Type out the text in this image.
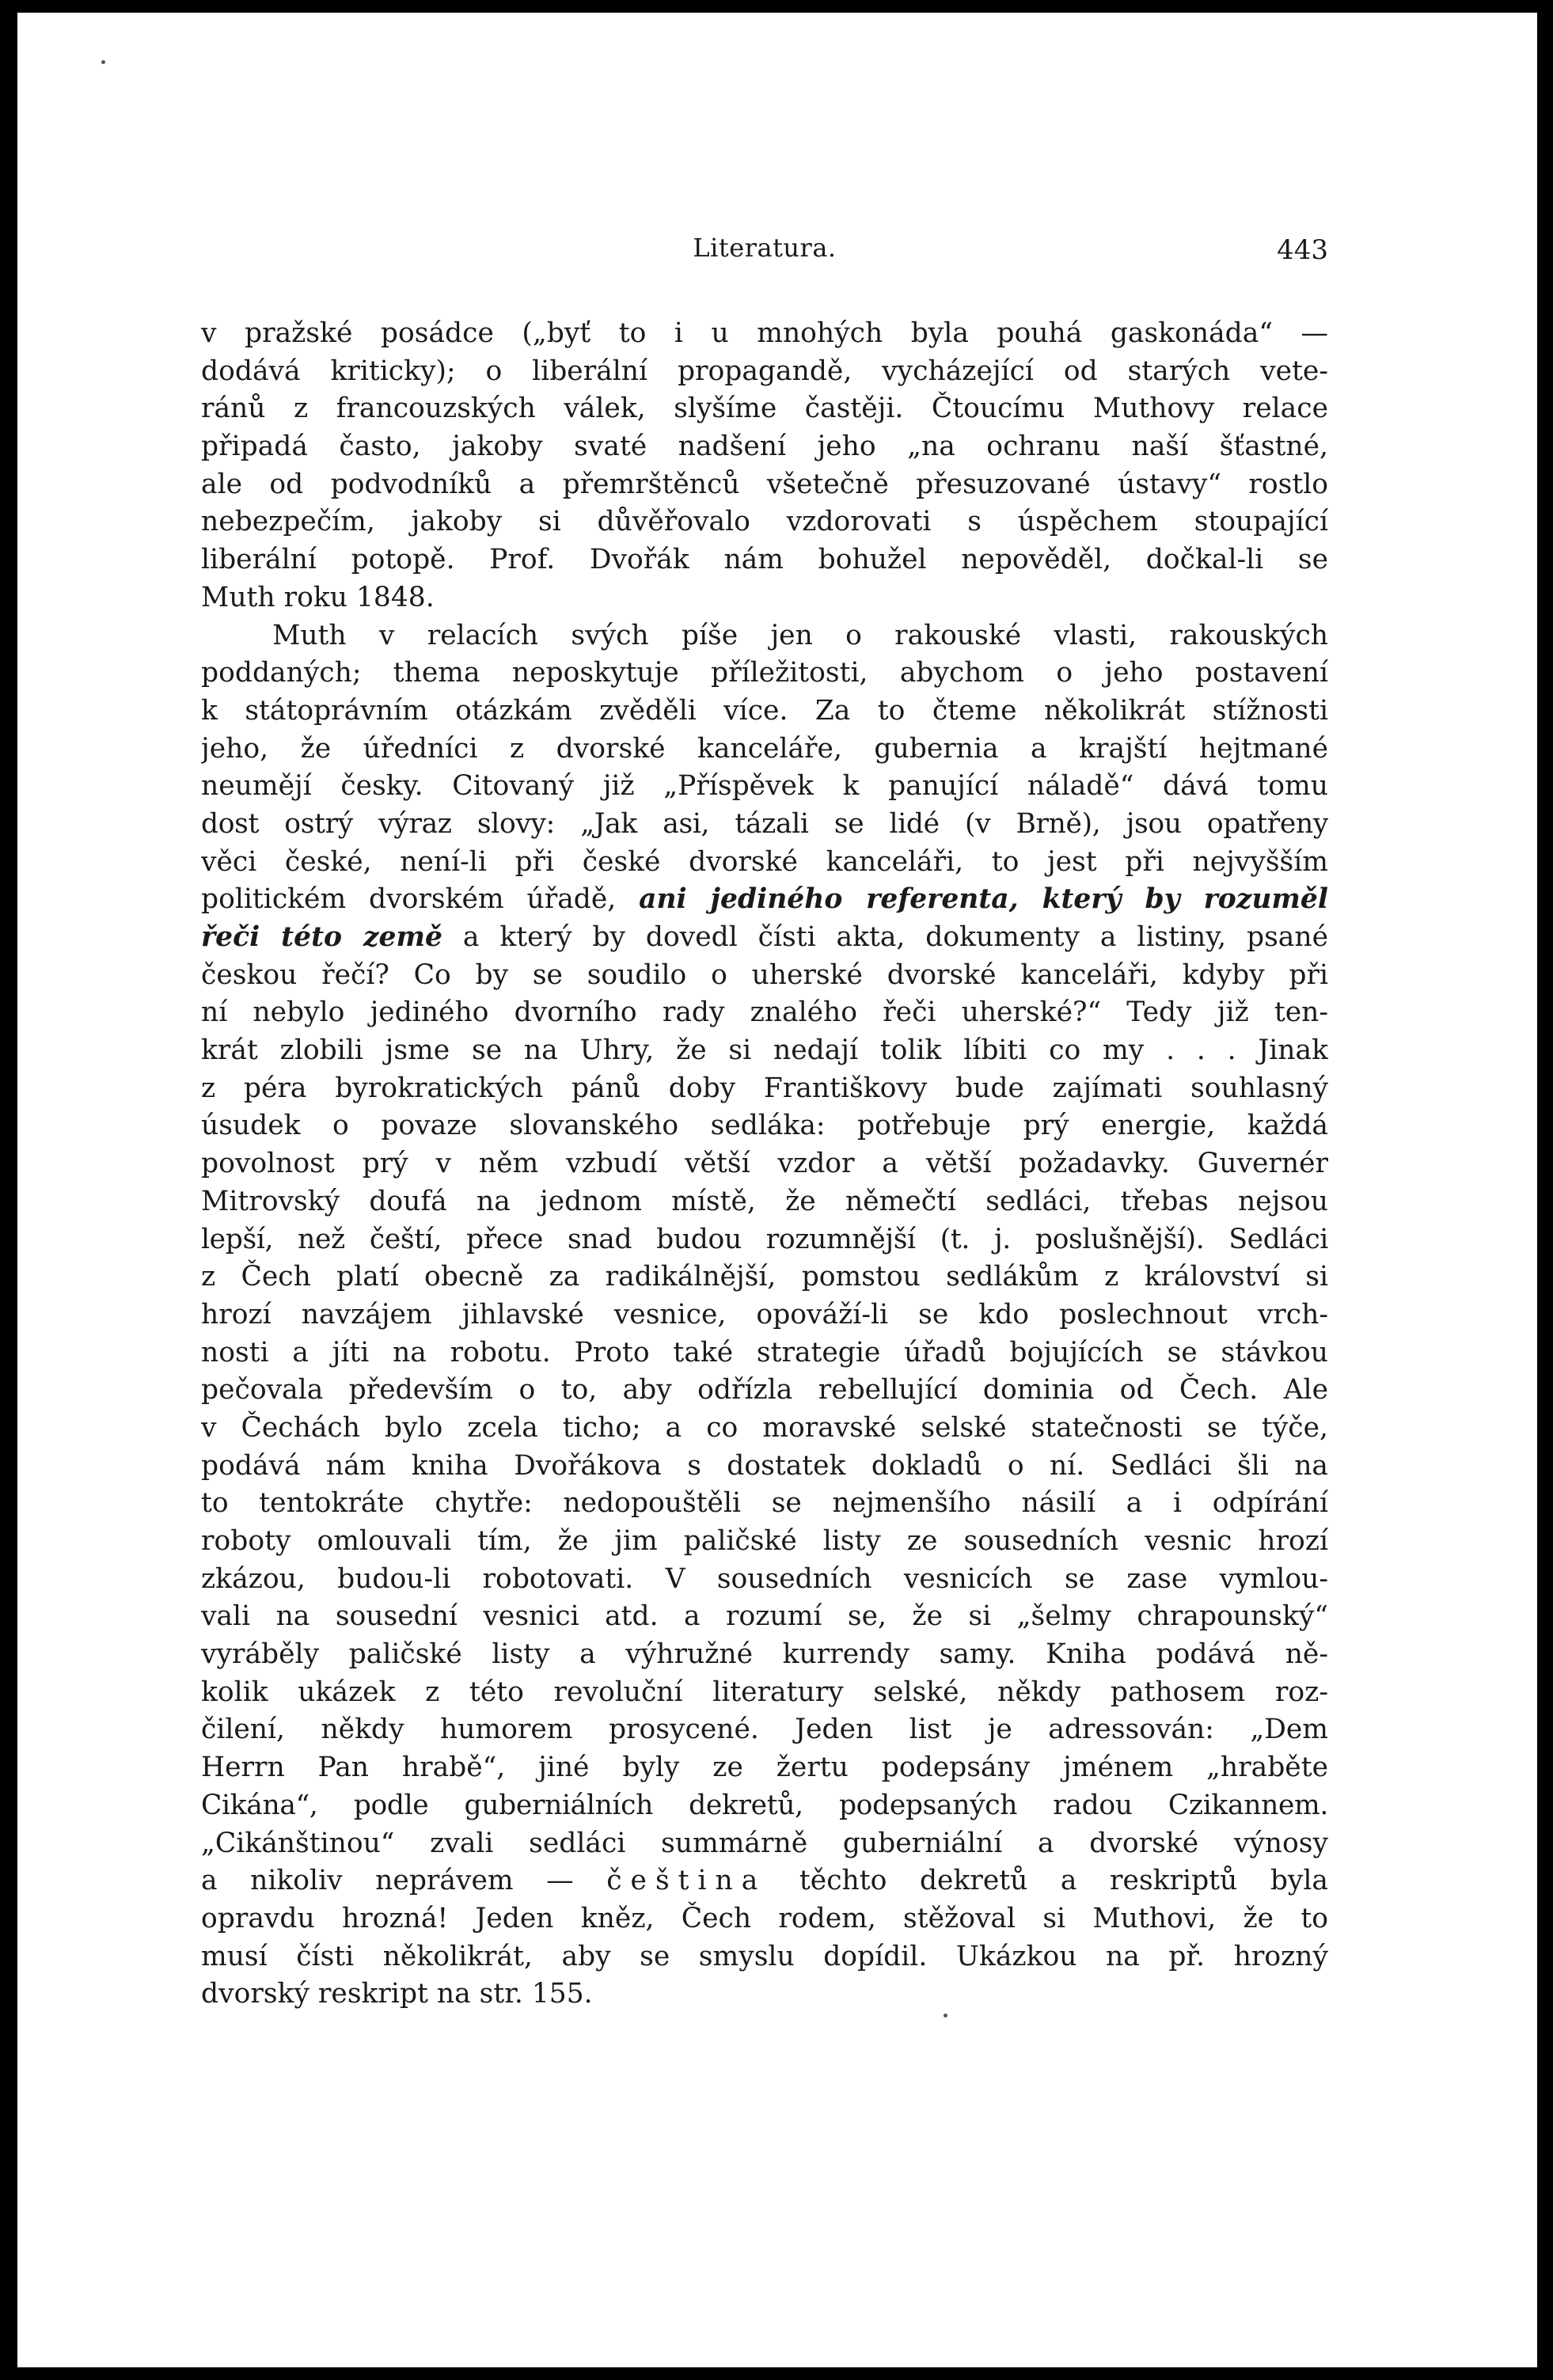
Literatura.	443
v pražské posádce („byť to i u mnohých byla pouhá gaskonáda“ —
dodává kriticky); o liberální propagandě, vycházející od starých vete-
ránů z francouzských válek, slyšíme častěji. Čtoucímu Muthovy relace
připadá často, jakoby svaté nadšení jeho „na ochranu naší šťastné,
ale od podvodníků a přemrštěnců všetečně přesuzované ústavy“ rostlo
nebezpečím, jakoby si důvěřovalo vzdorovati s úspěchem stoupající
liberální potopě. Prof. Dvořák nám bohužel nepověděl, dočkal-li se
Muth roku 1848.
Muth v relacích svých píše jen o rakouské vlasti, rakouských
poddaných; thema neposkytuje příležitosti, abychom o jeho postavení
k státoprávním otázkám zvěděli více. Za to čteme několikrát stížnosti
jeho, že úředníci z dvorské kanceláře, gubernia a krajští hejtmané
neumějí česky. Citovaný již „Příspěvek k panující náladě“ dává tomu
dost ostrý výraz slovy: „Jak asi, tázali se lidé (v Brně), jsou opatřeny
věci české, není-li při české dvorské kanceláři, to jest při nejvyšším
politickém dvorském úřadě, ani jediného referenta, který by rozuměl
řeči této země a který by dovedl čísti akta, dokumenty a listiny, psané
českou řečí? Co by se soudilo o uherské dvorské kanceláři, kdyby při
ní nebylo jediného dvorního rady znalého řeči uherské?“ Tedy již ten-
krát zlobili jsme se na Uhry, že si nedají tolik líbiti co my . . . Jinak
z péra byrokratických pánů doby Františkovy bude zajímati souhlasný
úsudek o povaze slovanského sedláka: potřebuje prý energie, každá
povolnost prý v něm vzbudí větší vzdor a větší požadavky. Guvernér
Mitrovský doufá na jednom místě, že němečtí sedláci, třebas nejsou
lepší, než čeští, přece snad budou rozumnější (t. j. poslušnější). Sedláci
z Čech platí obecně za radikálnější, pomstou sedlákům z království si
hrozí navzájem jihlavské vesnice, opováží-li se kdo poslechnout vrch-
nosti a jíti na robotu. Proto také strategie úřadů bojujících se stávkou
pečovala především o to, aby odřízla rebellující dominia od Čech. Ale
v Čechách bylo zcela ticho; a co moravské selské statečnosti se týče,
podává nám kniha Dvořákova s dostatek dokladů o ní. Sedláci šli na
to tentokráte chytře: nedopouštěli se nejmenšího násilí a i odpírání
roboty omlouvali tím, že jim paličské listy ze sousedních vesnic hrozí
zkázou, budou-li robotovati. V sousedních vesnicích se zase vymlou-
vali na sousední vesnici atd. a rozumí se, že si „šelmy chrapounský“
vyráběly paličské listy a výhružné kurrendy samy. Kniha podává ně-
kolik ukázek z této revoluční literatury selské, někdy pathosem roz-
čilení, někdy humorem prosycené. Jeden list je adressován: „Dem
Herrn Pan hrabě“, jiné byly ze žertu podepsány jménem „hraběte
Cikána“, podle guberniálních dekretů, podepsaných radou Czikannem.
„Cikánštinou“ zvali sedláci summárně guberniální a dvorské výnosy
a nikoliv neprávem — čeština těchto dekretů a reskriptů byla
opravdu hrozná! Jeden kněz, Čech rodem, stěžoval si Muthovi, že to
musí čísti několikrát, aby se smyslu dopídil. Ukázkou na př. hrozný
dvorský reskript na str. 155.
